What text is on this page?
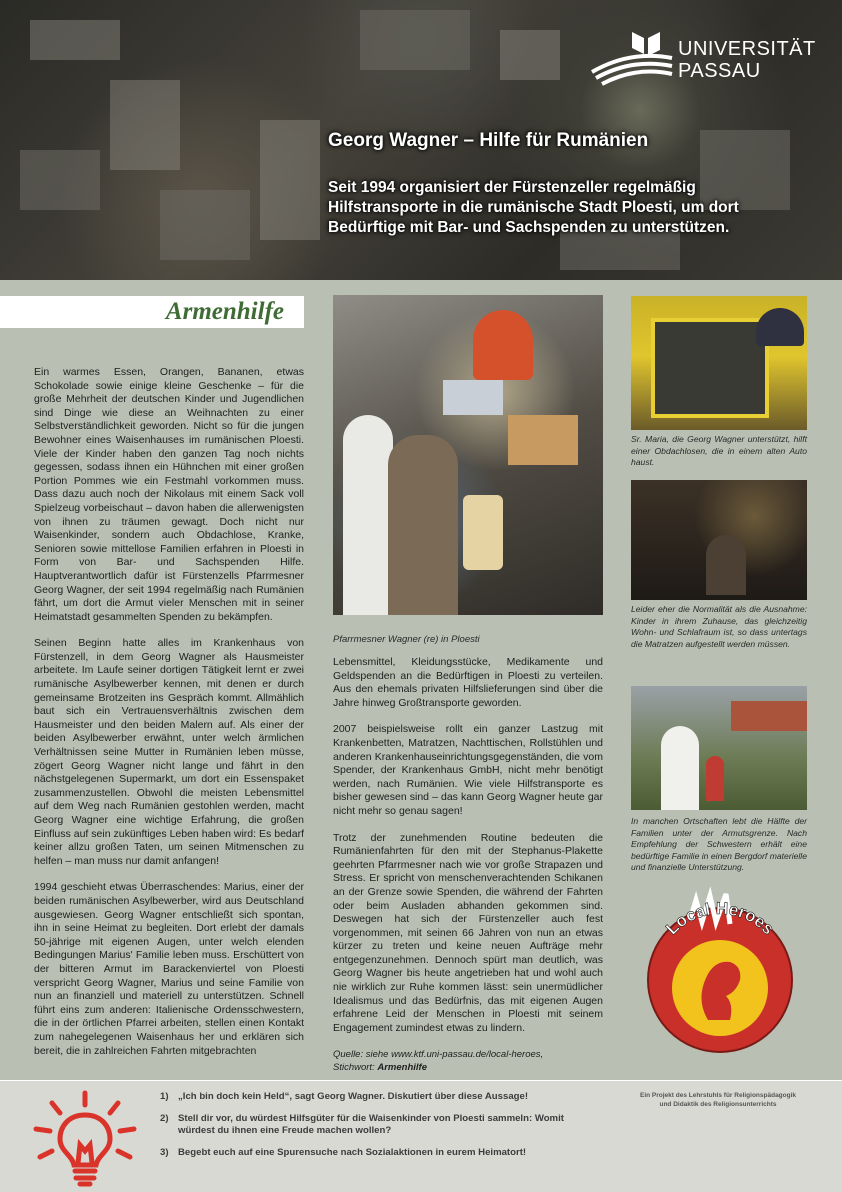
UNIVERSITÄT
PASSAU
Georg Wagner – Hilfe für Rumänien

Seit 1994 organisiert der Fürstenzeller regelmäßig Hilfstransporte in die rumänische Stadt Ploesti, um dort Bedürftige mit Bar- und Sachspenden zu unterstützen.

Armenhilfe

Ein warmes Essen, Orangen, Bananen, etwas Schokolade sowie einige kleine Geschenke – für die große Mehrheit der deutschen Kinder und Jugendlichen sind Dinge wie diese an Weihnachten zu einer Selbstverständlichkeit geworden. Nicht so für die jungen Bewohner eines Waisenhauses im rumänischen Ploesti. Viele der Kinder haben den ganzen Tag noch nichts gegessen, sodass ihnen ein Hühnchen mit einer großen Portion Pommes wie ein Festmahl vorkommen muss. Dass dazu auch noch der Nikolaus mit einem Sack voll Spielzeug vorbeischaut – davon haben die allerwenigsten von ihnen zu träumen gewagt. Doch nicht nur Waisenkinder, sondern auch Obdachlose, Kranke, Senioren sowie mittellose Familien erfahren in Ploesti in Form von Bar- und Sachspenden Hilfe. Hauptverantwortlich dafür ist Fürstenzells Pfarrmesner Georg Wagner, der seit 1994 regelmäßig nach Rumänien fährt, um dort die Armut vieler Menschen mit in seiner Heimatstadt gesammelten Spenden zu bekämpfen.

Seinen Beginn hatte alles im Krankenhaus von Fürstenzell, in dem Georg Wagner als Hausmeister arbeitete. Im Laufe seiner dortigen Tätigkeit lernt er zwei rumänische Asylbewerber kennen, mit denen er durch gemeinsame Brotzeiten ins Gespräch kommt. Allmählich baut sich ein Vertrauensverhältnis zwischen dem Hausmeister und den beiden Malern auf. Als einer der beiden Asylbewerber erwähnt, unter welch ärmlichen Verhältnissen seine Mutter in Rumänien leben müsse, zögert Georg Wagner nicht lange und fährt in den nächstgelegenen Supermarkt, um dort ein Essenspaket zusammenzustellen. Obwohl die meisten Lebensmittel auf dem Weg nach Rumänien gestohlen werden, macht Georg Wagner eine wichtige Erfahrung, die großen Einfluss auf sein zukünftiges Leben haben wird: Es bedarf keiner allzu großen Taten, um seinen Mitmenschen zu helfen – man muss nur damit anfangen!

1994 geschieht etwas Überraschendes: Marius, einer der beiden rumänischen Asylbewerber, wird aus Deutschland ausgewiesen. Georg Wagner entschließt sich spontan, ihn in seine Heimat zu begleiten. Dort erlebt der damals 50-jährige mit eigenen Augen, unter welch elenden Bedingungen Marius' Familie leben muss. Erschüttert von der bitteren Armut im Barackenviertel von Ploesti verspricht Georg Wagner, Marius und seine Familie von nun an finanziell und materiell zu unterstützen. Schnell führt eins zum anderen: Italienische Ordensschwestern, die in der örtlichen Pfarrei arbeiten, stellen einen Kontakt zum nahegelegenen Waisenhaus her und erklären sich bereit, die in zahlreichen Fahrten mitgebrachten

Pfarrmesner Wagner (re) in Ploesti

Lebensmittel, Kleidungsstücke, Medikamente und Geldspenden an die Bedürftigen in Ploesti zu verteilen. Aus den ehemals privaten Hilfslieferungen sind über die Jahre hinweg Großtransporte geworden.

2007 beispielsweise rollt ein ganzer Lastzug mit Krankenbetten, Matratzen, Nachttischen, Rollstühlen und anderen Krankenhauseinrichtungsgegenständen, die vom Spender, der Krankenhaus GmbH, nicht mehr benötigt werden, nach Rumänien. Wie viele Hilfstransporte es bisher gewesen sind – das kann Georg Wagner heute gar nicht mehr so genau sagen!

Trotz der zunehmenden Routine bedeuten die Rumänienfahrten für den mit der Stephanus-Plakette geehrten Pfarrmesner nach wie vor große Strapazen und Stress. Er spricht von menschenverachtenden Schikanen an der Grenze sowie Spenden, die während der Fahrten oder beim Ausladen abhanden gekommen sind. Deswegen hat sich der Fürstenzeller auch fest vorgenommen, mit seinen 66 Jahren von nun an etwas kürzer zu treten und keine neuen Aufträge mehr entgegenzunehmen. Dennoch spürt man deutlich, was Georg Wagner bis heute angetrieben hat und wohl auch nie wirklich zur Ruhe kommen lässt: sein unermüdlicher Idealismus und das Bedürfnis, das mit eigenen Augen erfahrene Leid der Menschen in Ploesti mit seinem Engagement zumindest etwas zu lindern.

Quelle: siehe www.ktf.uni-passau.de/local-heroes,
Stichwort: Armenhilfe

Sr. Maria, die Georg Wagner unterstützt, hilft einer Obdachlosen, die in einem alten Auto haust.

Leider eher die Normalität als die Ausnahme: Kinder in ihrem Zuhause, das gleichzeitig Wohn- und Schlafraum ist, so dass untertags die Matratzen aufgestellt werden müssen.

In manchen Ortschaften lebt die Hälfte der Familien unter der Armutsgrenze. Nach Empfehlung der Schwestern erhält eine bedürftige Familie in einen Bergdorf materielle und finanzielle Unterstützung.

Local Heroes
1) „Ich bin doch kein Held“, sagt Georg Wagner. Diskutiert über diese Aussage!
2) Stell dir vor, du würdest Hilfsgüter für die Waisenkinder von Ploesti sammeln: Womit würdest du ihnen eine Freude machen wollen?
3) Begebt euch auf eine Spurensuche nach Sozialaktionen in eurem Heimatort!
Ein Projekt des Lehrstuhls für Religionspädagogik
und Didaktik des Religionsunterrichts
